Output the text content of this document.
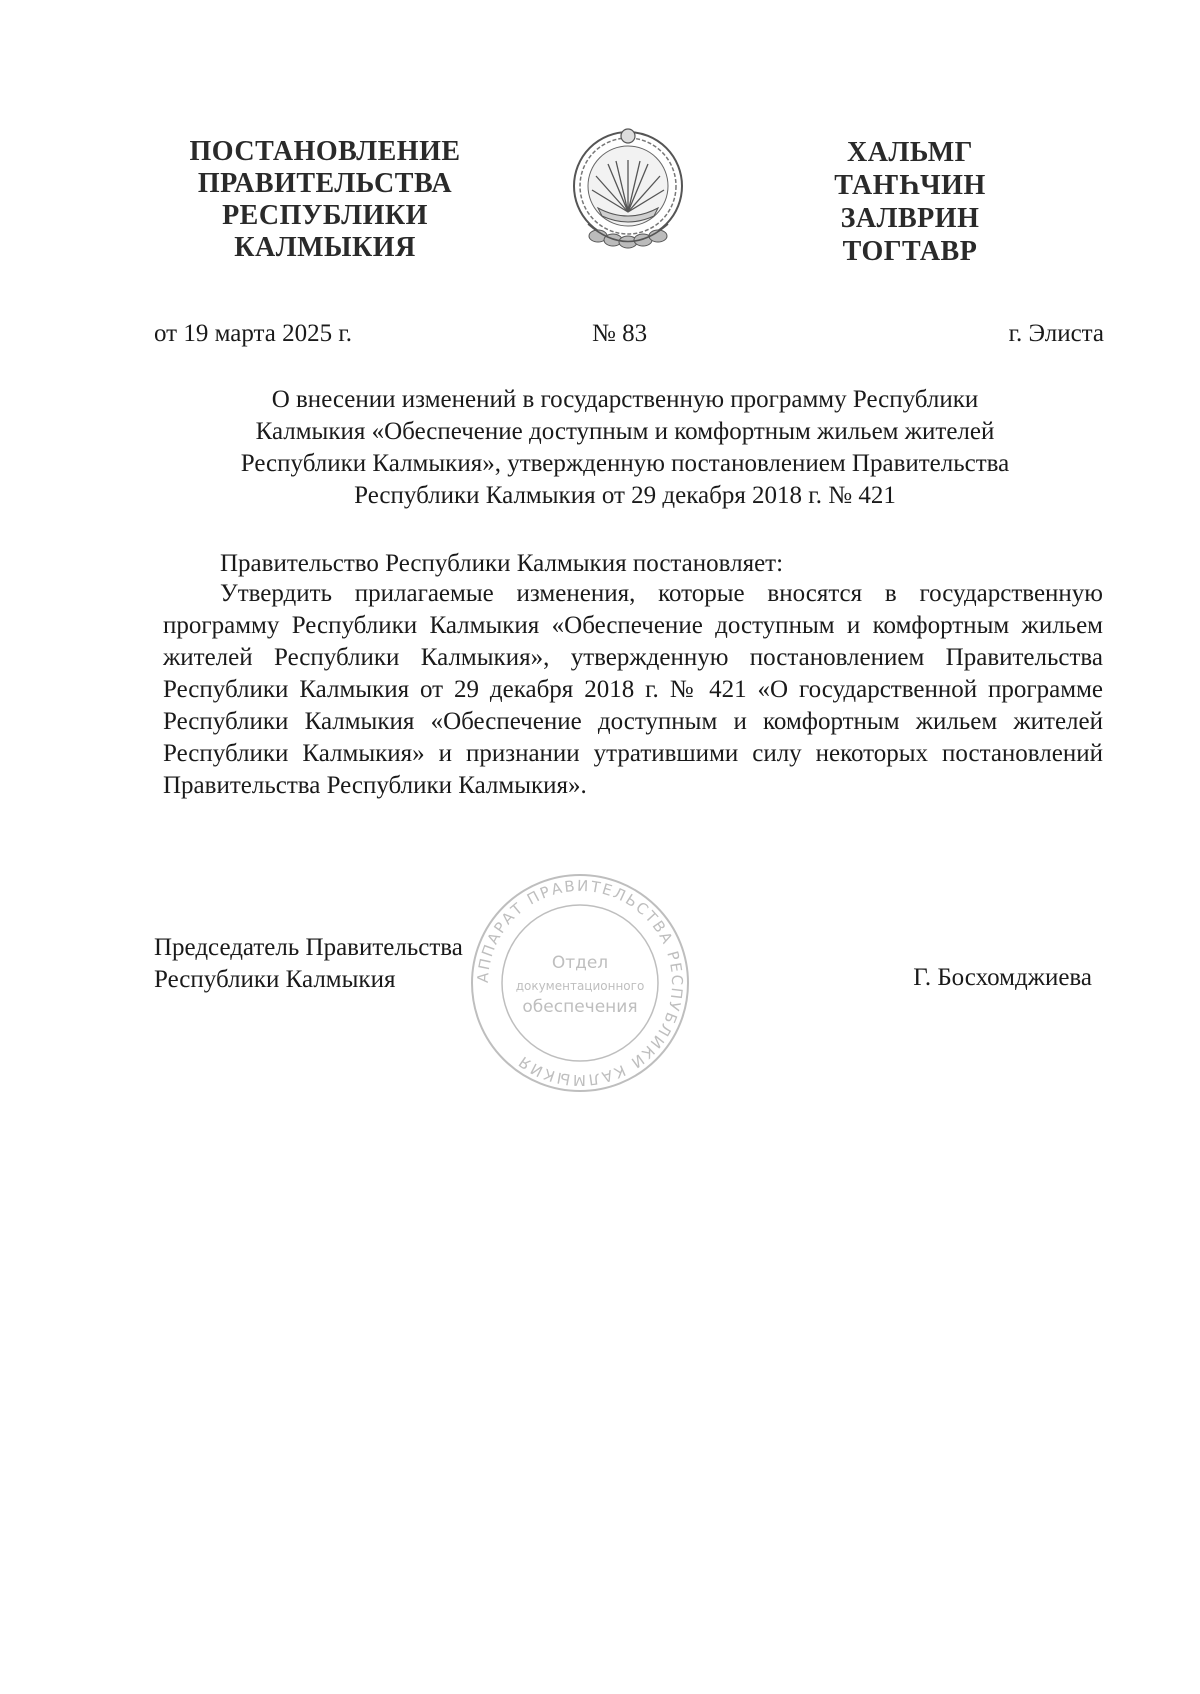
ПОСТАНОВЛЕНИЕ
ПРАВИТЕЛЬСТВА
РЕСПУБЛИКИ
КАЛМЫКИЯ
ХАЛЬМГ
ТАҤҺЧИН
ЗАЛВРИН
ТОГТАВР
от 19 марта 2025 г.	№ 83	г. Элиста
О внесении изменений в государственную программу Республики
Калмыкия «Обеспечение доступным и комфортным жильем жителей
Республики Калмыкия», утвержденную постановлением Правительства
Республики Калмыкия от 29 декабря 2018 г. № 421
Правительство Республики Калмыкия постановляет:
Утвердить прилагаемые изменения, которые вносятся в государственную программу Республики Калмыкия «Обеспечение доступным и комфортным жильем жителей Республики Калмыкия», утвержденную постановлением Правительства Республики Калмыкия от 29 декабря 2018 г. № 421 «О государственной программе Республики Калмыкия «Обеспечение доступным и комфортным жильем жителей Республики Калмыкия» и признании утратившими силу некоторых постановлений Правительства Республики Калмыкия».
Председатель Правительства
Республики Калмыкия	АППАРАТ ПРАВИТЕЛЬСТВА РЕСПУБЛИКИ КАЛМЫКИЯ
Отдел
документационного
обеспечения
Г. Босхомджиева
